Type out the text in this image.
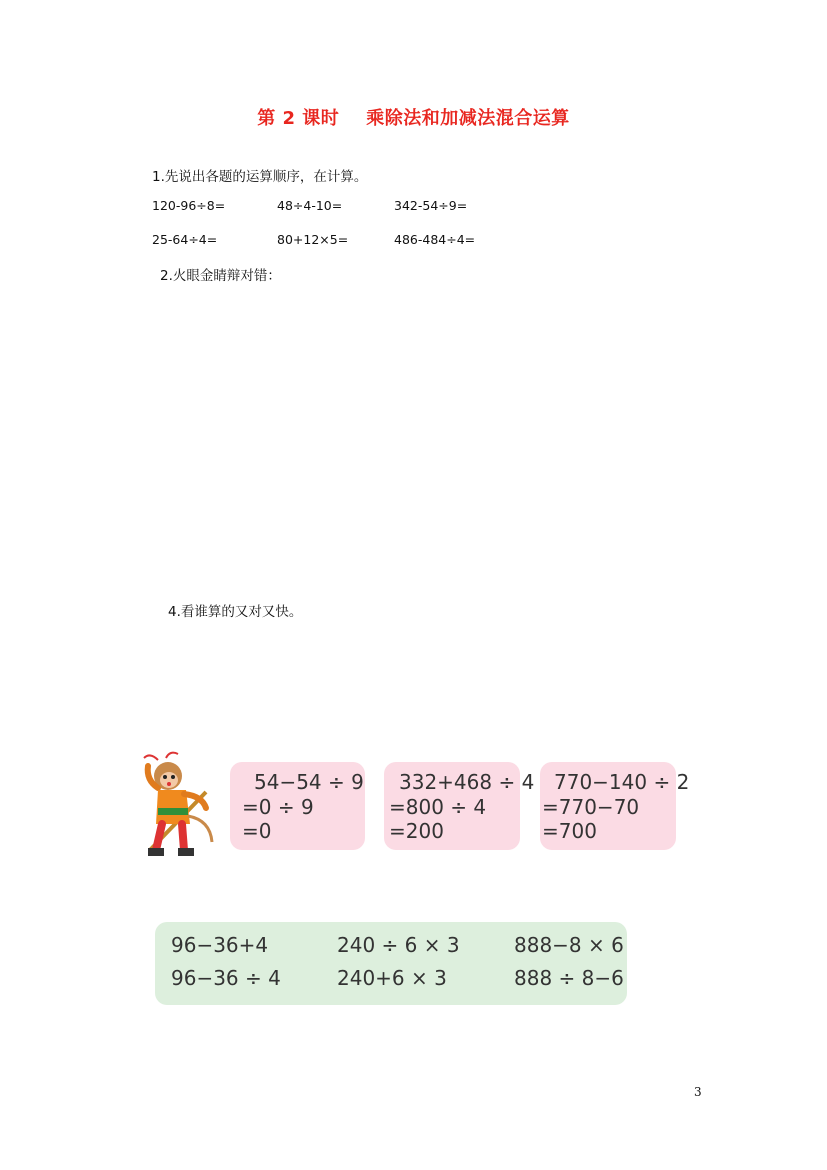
第 2 课时    乘除法和加减法混合运算
1.先说出各题的运算顺序，在计算。
120-96÷8=	48÷4-10=	342-54÷9=
25-64÷4=	80+12×5=	486-484÷4=
2.火眼金睛辩对错：
4.看谁算的又对又快。
54−54 ÷ 9
=0 ÷ 9
=0
332+468 ÷ 4
=800 ÷ 4
=200
770−140 ÷ 2
=770−70
=700
96−36+4	240 ÷ 6 × 3	888−8 × 6
96−36 ÷ 4	240+6 × 3	888 ÷ 8−6
3
